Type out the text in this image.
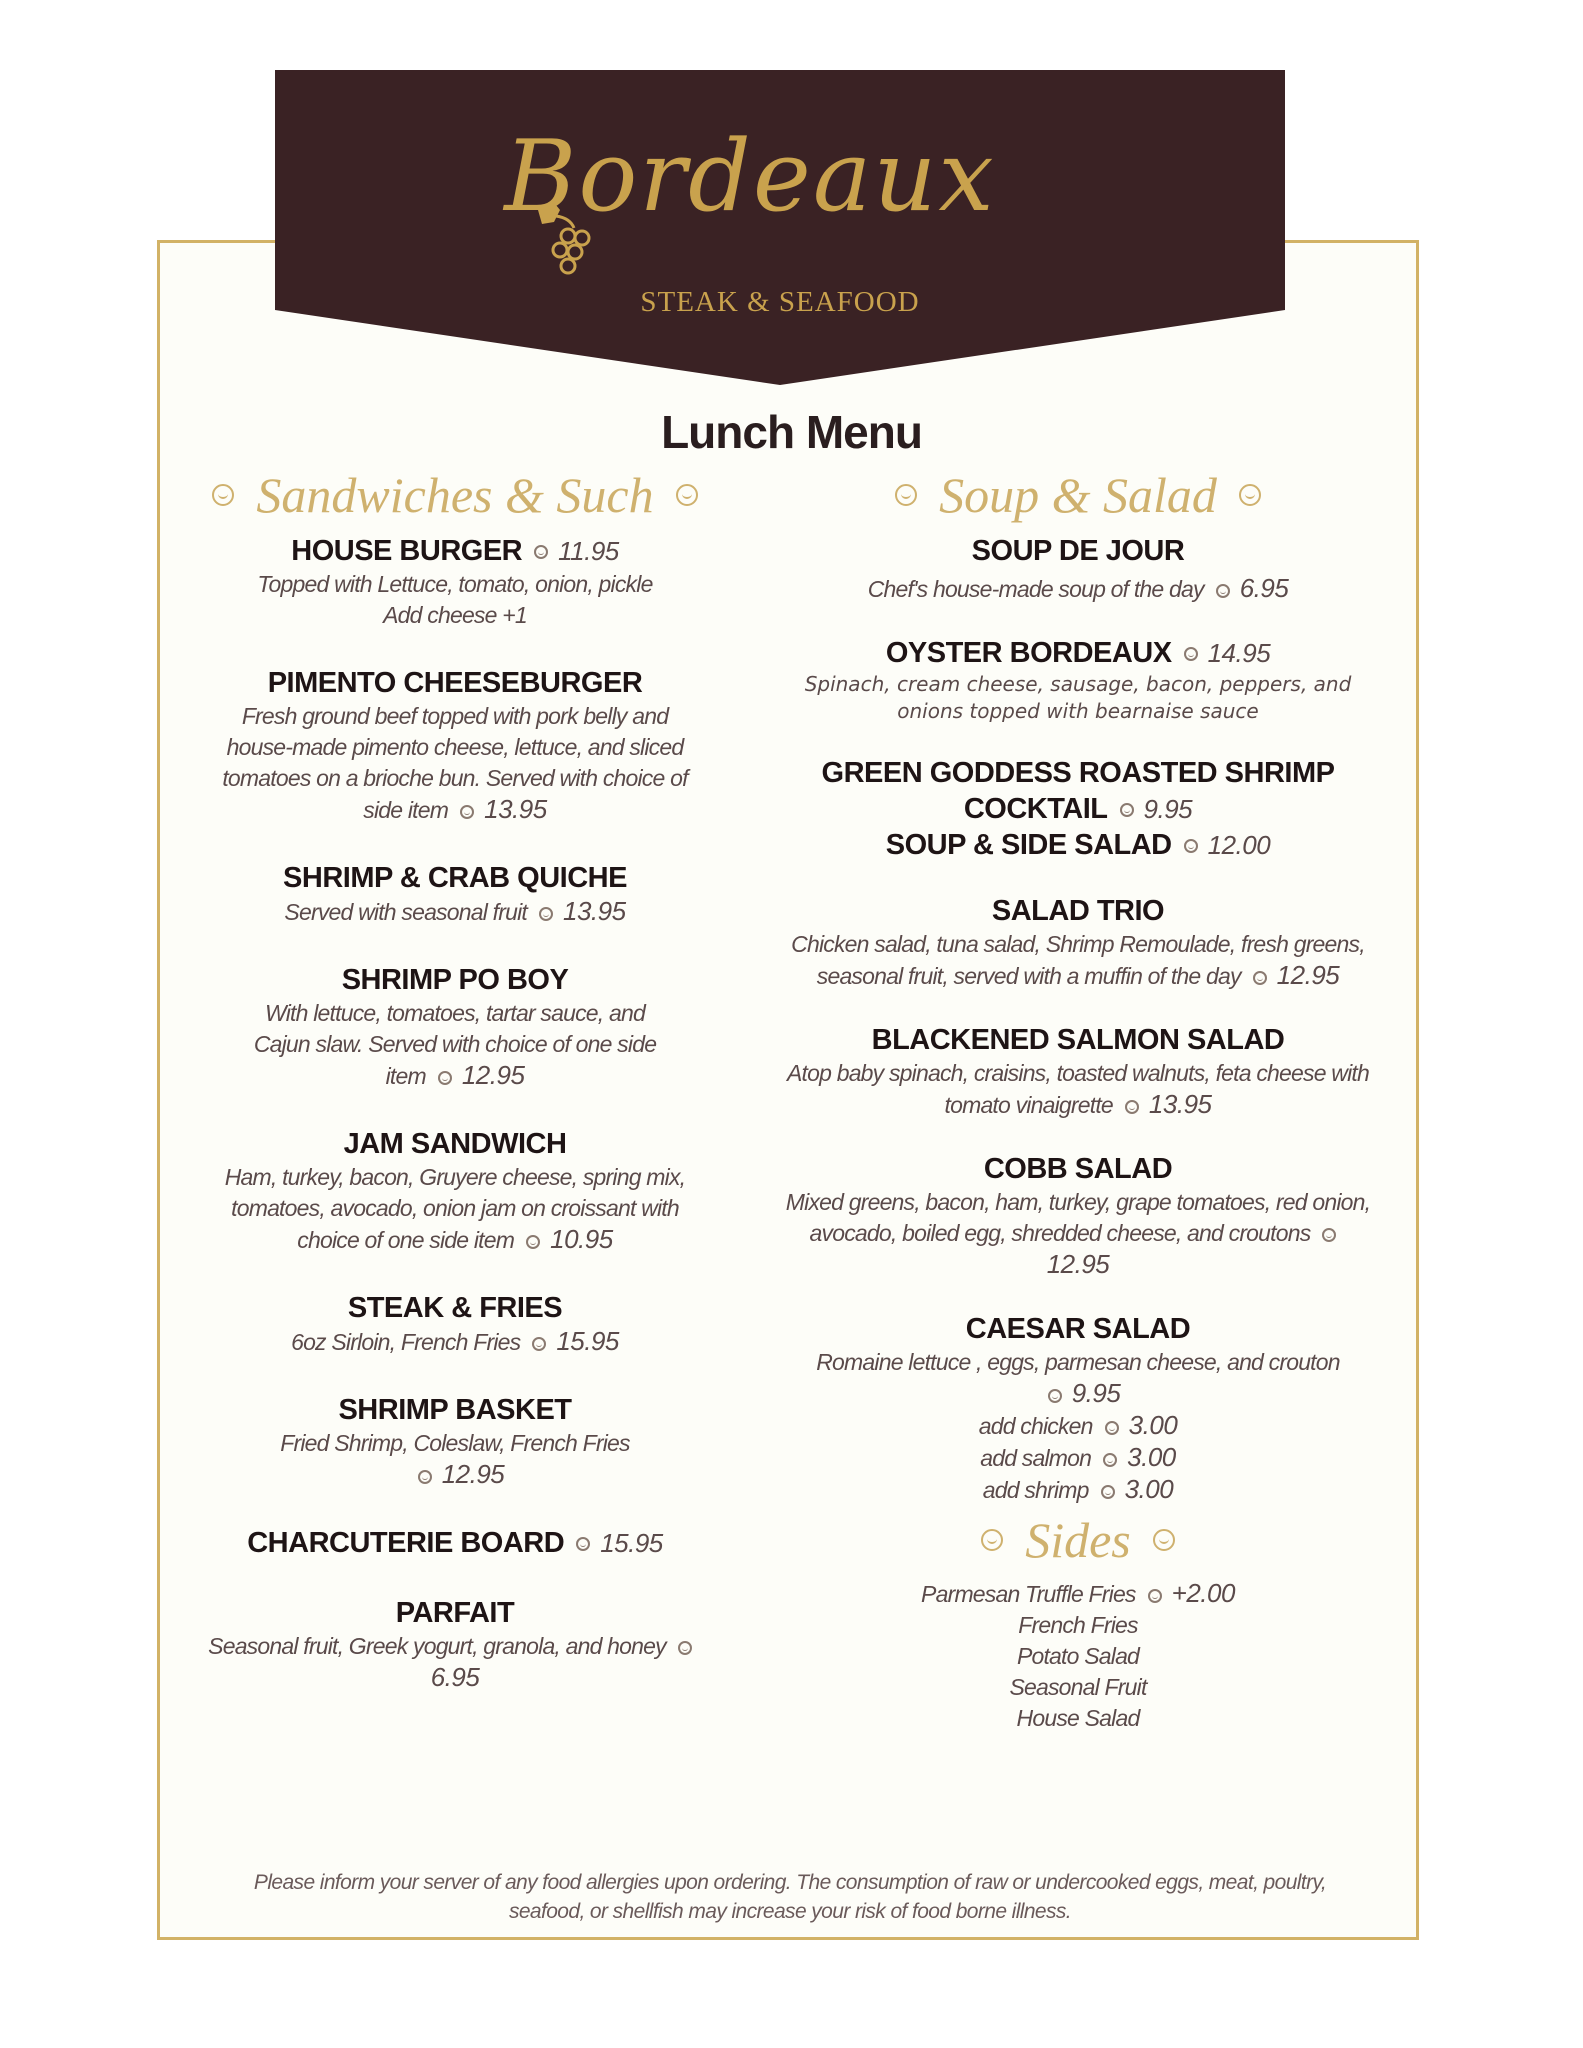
Bordeaux
STEAK & SEAFOOD
Lunch Menu
Sandwiches & Such
HOUSE BURGER 11.95
Topped with Lettuce, tomato, onion, pickle
Add cheese +1
PIMENTO CHEESEBURGER
Fresh ground beef topped with pork belly and
house-made pimento cheese, lettuce, and sliced
tomatoes on a brioche bun. Served with choice of
side item 13.95
SHRIMP & CRAB QUICHE
Served with seasonal fruit 13.95
SHRIMP PO BOY
With lettuce, tomatoes, tartar sauce, and
Cajun slaw. Served with choice of one side
item 12.95
JAM SANDWICH
Ham, turkey, bacon, Gruyere cheese, spring mix,
tomatoes, avocado, onion jam on croissant with
choice of one side item 10.95
STEAK & FRIES
6oz Sirloin, French Fries 15.95
SHRIMP BASKET
Fried Shrimp, Coleslaw, French Fries
12.95
CHARCUTERIE BOARD 15.95
PARFAIT
Seasonal fruit, Greek yogurt, granola, and honey
6.95
Soup & Salad
SOUP DE JOUR
Chef's house-made soup of the day 6.95
OYSTER BORDEAUX 14.95
Spinach, cream cheese, sausage, bacon, peppers, and
onions topped with bearnaise sauce
GREEN GODDESS ROASTED SHRIMP
COCKTAIL 9.95
SOUP & SIDE SALAD 12.00
SALAD TRIO
Chicken salad, tuna salad, Shrimp Remoulade, fresh greens,
seasonal fruit, served with a muffin of the day 12.95
BLACKENED SALMON SALAD
Atop baby spinach, craisins, toasted walnuts, feta cheese with
tomato vinaigrette 13.95
COBB SALAD
Mixed greens, bacon, ham, turkey, grape tomatoes, red onion,
avocado, boiled egg, shredded cheese, and croutons
12.95
CAESAR SALAD
Romaine lettuce , eggs, parmesan cheese, and crouton
9.95
add chicken 3.00
add salmon 3.00
add shrimp 3.00
Sides
Parmesan Truffle Fries +2.00
French Fries
Potato Salad
Seasonal Fruit
House Salad
Please inform your server of any food allergies upon ordering. The consumption of raw or undercooked eggs, meat, poultry,
seafood, or shellfish may increase your risk of food borne illness.
